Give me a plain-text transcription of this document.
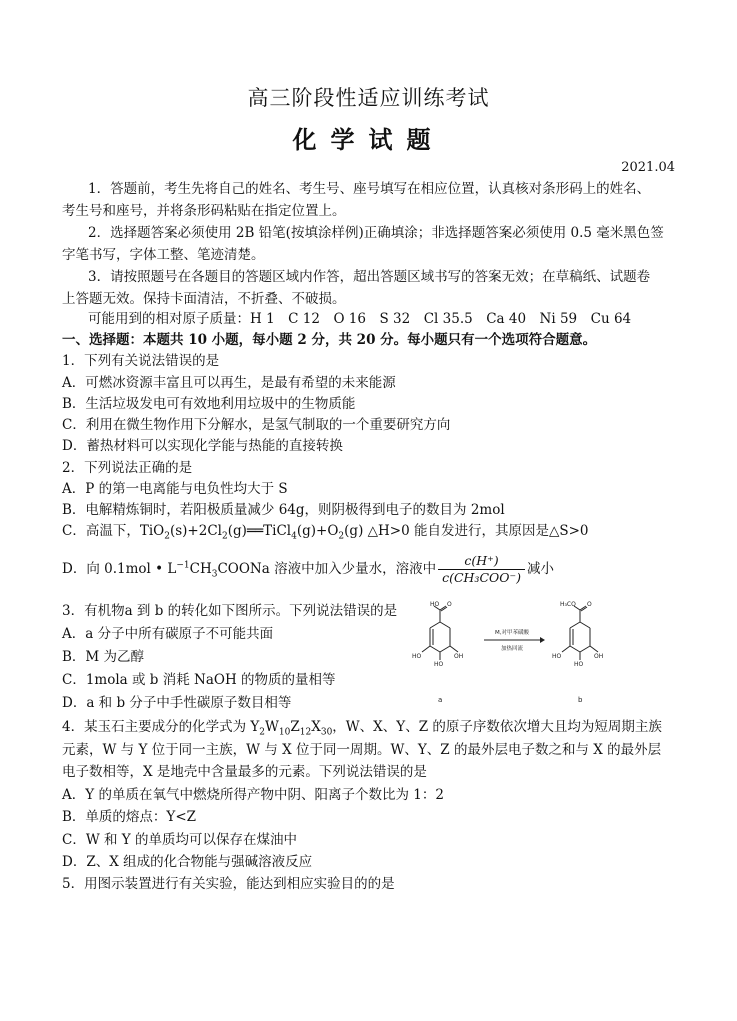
高三阶段性适应训练考试
化学试题
2021.04
1．答题前，考生先将自己的姓名、考生号、座号填写在相应位置，认真核对条形码上的姓名、
考生号和座号，并将条形码粘贴在指定位置上。
2．选择题答案必须使用 2B 铅笔(按填涂样例)正确填涂；非选择题答案必须使用 0.5 毫米黑色签
字笔书写，字体工整、笔迹清楚。
3．请按照题号在各题目的答题区域内作答，超出答题区域书写的答案无效；在草稿纸、试题卷
上答题无效。保持卡面清洁，不折叠、不破损。
可能用到的相对原子质量：H 1　C 12　O 16　S 32　Cl 35.5　Ca 40　Ni 59　Cu 64
一、选择题：本题共 10 小题，每小题 2 分，共 20 分。每小题只有一个选项符合题意。
1．下列有关说法错误的是
A．可燃冰资源丰富且可以再生，是最有希望的未来能源
B．生活垃圾发电可有效地利用垃圾中的生物质能
C．利用在微生物作用下分解水，是氢气制取的一个重要研究方向
D．蓄热材料可以实现化学能与热能的直接转换
2．下列说法正确的是
A．P 的第一电离能与电负性均大于 S
B．电解精炼铜时，若阳极质量减少 64g，则阴极得到电子的数目为 2mol
C．高温下，$TiO_2(s)+2Cl_2(g)══TiCl_4(g)+O_2(g)$ △H>0 能自发进行，其原因是△S>0
D．向 0.1mol • $L^{-1}CH_3COONa$ 溶液中加入少量水，溶液中 $\frac{c(H^+)}{\text{c(CH₃COO⁻)}}$ 减小
3．有机物a 到 b 的转化如下图所示。下列说法错误的是
A．a 分子中所有碳原子不可能共面
B．M 为乙醇
C．1mola 或 b 消耗 NaOH 的物质的量相等
D．a 和 b 分子中手性碳原子数目相等
HO O
HO	OH
HO
a
M,对甲苯磺酸
加热回流
H₃CO O
HO	OH
HO
b
4．某玉石主要成分的化学式为 $Y_2W_{10}Z_{12}X_{30}$，W、X、Y、Z 的原子序数依次增大且均为短周期主族
元素，W 与 Y 位于同一主族，W 与 X 位于同一周期。W、Y、Z 的最外层电子数之和与 X 的最外层
电子数相等，X 是地壳中含量最多的元素。下列说法错误的是
A．Y 的单质在氧气中燃烧所得产物中阴、阳离子个数比为 1：2
B．单质的熔点：Y<Z
C．W 和 Y 的单质均可以保存在煤油中
D．Z、X 组成的化合物能与强碱溶液反应
5．用图示装置进行有关实验，能达到相应实验目的的是
